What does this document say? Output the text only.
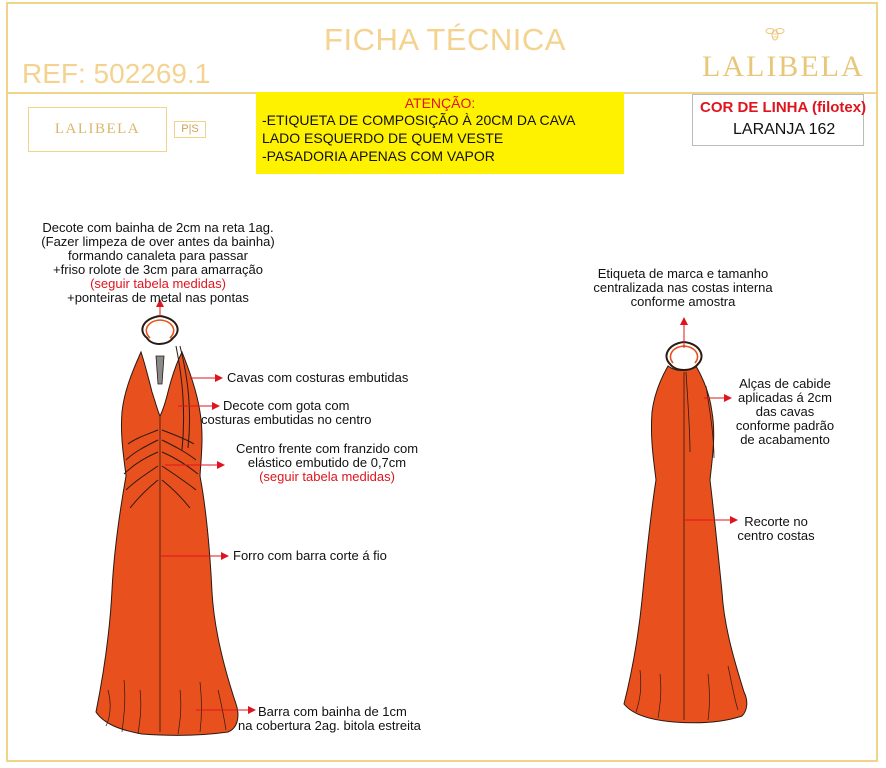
FICHA TÉCNICA
REF: 502269.1	LALIBELA
LALIBELA	P|S
ATENÇÃO:
-ETIQUETA DE COMPOSIÇÃO À 20CM DA CAVA
LADO ESQUERDO DE QUEM VESTE
-PASADORIA APENAS COM VAPOR
COR DE LINHA (filotex)
LARANJA 162
Decote com bainha de 2cm na reta 1ag.
(Fazer limpeza de over antes da bainha)
formando canaleta para passar
+friso rolote de 3cm para amarração
(seguir tabela medidas)
+ponteiras de metal nas pontas
Cavas com costuras embutidas
Decote com gota com
costuras embutidas no centro
Centro frente com franzido com
elástico embutido de 0,7cm
(seguir tabela medidas)
Forro com barra corte á fio
Barra com bainha de 1cm
na cobertura 2ag. bitola estreita
Etiqueta de marca e tamanho
centralizada nas costas interna
conforme amostra
Alças de cabide
aplicadas á 2cm
das cavas
conforme padrão
de acabamento
Recorte no
centro costas
